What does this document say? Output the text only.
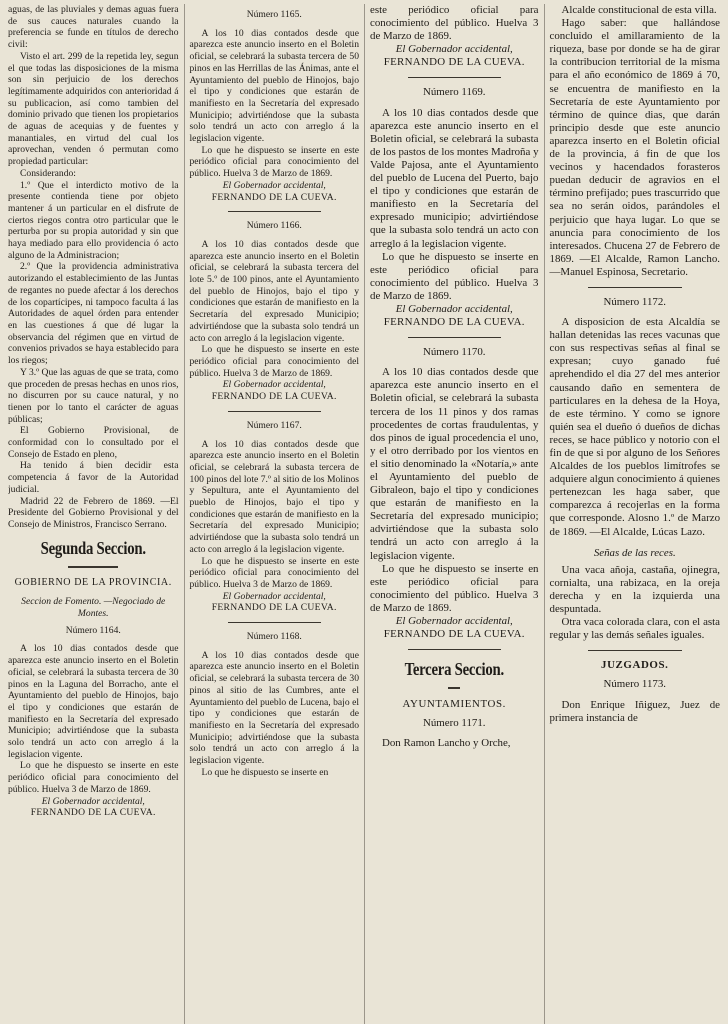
aguas, de las pluviales y demas aguas fuera de sus cauces naturales cuando la preferencia se funde en títulos de derecho civil:

Visto el art. 299 de la repetida ley, segun el que todas las disposiciones de la misma son sin perjuicio de los derechos legítimamente adquiridos con anterioridad á su publicacion, así como tambien del dominio privado que tienen los propietarios de aguas de acequias y de fuentes y manantiales, en virtud del cual los aprovechan, venden ó permutan como propiedad particular:

Considerando:

1.º Que el interdicto motivo de la presente contienda tiene por objeto mantener á un particular en el disfrute de ciertos riegos contra otro particular que le perturba por su propia autoridad y sin que haya mediado para ello providencia ó acto alguno de la Administracion;

2.º Que la providencia administrativa autorizando el establecimiento de las Juntas de regantes no puede afectar á los derechos de los copartícipes, ni tampoco faculta á las Autoridades de aquel órden para entender en las cuestiones á que dé lugar la observancia del régimen que en virtud de convenios privados se haya establecido para los riegos;

Y 3.º Que las aguas de que se trata, como que proceden de presas hechas en unos rios, no discurren por su cauce natural, y no tienen por lo tanto el carácter de aguas públicas;

El Gobierno Provisional, de conformidad con lo consultado por el Consejo de Estado en pleno,

Ha tenido á bien decidir esta competencia á favor de la Autoridad judicial.

Madrid 22 de Febrero de 1869. —El Presidente del Gobierno Provisional y del Consejo de Ministros, Francisco Serrano.

Segunda Seccion.
GOBIERNO DE LA PROVINCIA.
Seccion de Fomento. —Negociado de Montes.
Número 1164.

A los 10 dias contados desde que aparezca este anuncio inserto en el Boletin oficial, se celebrará la subasta tercera de 30 pinos en la Laguna del Borracho, ante el Ayuntamiento del pueblo de Hinojos, bajo el tipo y condiciones que estarán de manifiesto en la Secretaría del expresado Municipio; advirtiéndose que la subasta solo tendrá un acto con arreglo á la legislacion vigente.

Lo que he dispuesto se inserte en este periódico oficial para conocimiento del público. Huelva 3 de Marzo de 1869.

El Gobernador accidental,
FERNANDO DE LA CUEVA.
Número 1165.

A los 10 dias contados desde que aparezca este anuncio inserto en el Boletin oficial, se celebrará la subasta tercera de 50 pinos en las Herrillas de las Ánimas, ante el Ayuntamiento del pueblo de Hinojos, bajo el tipo y condiciones que estarán de manifiesto en la Secretaría del expresado Municipio; advirtiéndose que la subasta solo tendrá un acto con arreglo á la legislacion vigente.

Lo que he dispuesto se inserte en este periódico oficial para conocimiento del público. Huelva 3 de Marzo de 1869.

El Gobernador accidental,
FERNANDO DE LA CUEVA.
Número 1166.

A los 10 dias contados desde que aparezca este anuncio inserto en el Boletin oficial, se celebrará la subasta tercera del lote 5.º de 100 pinos, ante el Ayuntamiento del pueblo de Hinojos, bajo el tipo y condiciones que estarán de manifiesto en la Secretaría del expresado Municipio; advirtiéndose que la subasta solo tendrá un acto con arreglo á la legislacion vigente.

Lo que he dispuesto se inserte en este periódico oficial para conocimiento del público. Huelva 3 de Marzo de 1869.

El Gobernador accidental,
FERNANDO DE LA CUEVA.
Número 1167.

A los 10 dias contados desde que aparezca este anuncio inserto en el Boletin oficial, se celebrará la subasta tercera de 100 pinos del lote 7.º al sitio de los Molinos y Sepultura, ante el Ayuntamiento del pueblo de Hinojos, bajo el tipo y condiciones que estarán de manifiesto en la Secretaría del expresado Municipio; advirtiéndose que la subasta solo tendrá un acto con arreglo á la legislacion vigente.

Lo que he dispuesto se inserte en este periódico oficial para conocimiento del público. Huelva 3 de Marzo de 1869.

El Gobernador accidental,
FERNANDO DE LA CUEVA.
Número 1168.

A los 10 dias contados desde que aparezca este anuncio inserto en el Boletin oficial, se celebrará la subasta tercera de 30 pinos al sitio de las Cumbres, ante el Ayuntamiento del pueblo de Lucena, bajo el tipo y condiciones que estarán de manifiesto en la Secretaría del expresado Municipio; advirtiéndose que la subasta solo tendrá un acto con arreglo á la legislacion vigente.

Lo que he dispuesto se inserte en

este periódico oficial para conocimiento del público. Huelva 3 de Marzo de 1869.

El Gobernador accidental,
FERNANDO DE LA CUEVA.
Número 1169.

A los 10 dias contados desde que aparezca este anuncio inserto en el Boletin oficial, se celebrará la subasta de los pastos de los montes Madroña y Valde Pajosa, ante el Ayuntamiento del pueblo de Lucena del Puerto, bajo el tipo y condiciones que estarán de manifiesto en la Secretaría del expresado municipio; advirtiéndose que la subasta solo tendrá un acto con arreglo á la legislacion vigente.

Lo que he dispuesto se inserte en este periódico oficial para conocimiento del público. Huelva 3 de Marzo de 1869.

El Gobernador accidental,
FERNANDO DE LA CUEVA.
Número 1170.

A los 10 dias contados desde que aparezca este anuncio inserto en el Boletin oficial, se celebrará la subasta tercera de los 11 pinos y dos ramas procedentes de cortas fraudulentas, y dos pinos de igual procedencia el uno, y el otro derribado por los vientos en el sitio denominado la «Notaría,» ante el Ayuntamiento del pueblo de Gibraleon, bajo el tipo y condiciones que estarán de manifiesto en la Secretaría del expresado municipio; advirtiéndose que la subasta solo tendrá un acto con arreglo á la legislacion vigente.

Lo que he dispuesto se inserte en este periódico oficial para conocimiento del público. Huelva 3 de Marzo de 1869.

El Gobernador accidental,
FERNANDO DE LA CUEVA.
Tercera Seccion.
AYUNTAMIENTOS.
Número 1171.

Don Ramon Lancho y Orche,

Alcalde constitucional de esta villa.

Hago saber: que hallándose concluido el amillaramiento de la riqueza, base por donde se ha de girar la contribucion territorial de la misma para el año económico de 1869 á 70, se encuentra de manifiesto en la Secretaría de este Ayuntamiento por término de quince dias, que darán principio desde que este anuncio aparezca inserto en el Boletin oficial de la provincia, á fin de que los vecinos y hacendados forasteros puedan deducir de agravios en el término prefijado; pues trascurrido que sea no serán oidos, parándoles el perjuicio que haya lugar. Lo que se anuncia para conocimiento de los interesados. Chucena 27 de Febrero de 1869. —El Alcalde, Ramon Lancho. —Manuel Espinosa, Secretario.

Número 1172.

A disposicion de esta Alcaldía se hallan detenidas las reces vacunas que con sus respectivas señas al final se expresan; cuyo ganado fué aprehendido el dia 27 del mes anterior causando daño en sementera de particulares en la dehesa de la Hoya, de este término. Y como se ignore quién sea el dueño ó dueños de dichas reces, se hace público y notorio con el fin de que si por alguno de los Señores Alcaldes de los pueblos limítrofes se adquiere algun conocimiento á quienes pertenezcan les haga saber, que comparezca á recojerlas en la forma que corresponde. Alosno 1.º de Marzo de 1869. —El Alcalde, Lúcas Lazo.

Señas de las reces.

Una vaca añoja, castaña, ojinegra, cornialta, una rabizaca, en la oreja derecha y en la izquierda una despuntada.

Otra vaca colorada clara, con el asta regular y las demás señales iguales.

JUZGADOS.
Número 1173.

Don Enrique Iñiguez, Juez de primera instancia de
